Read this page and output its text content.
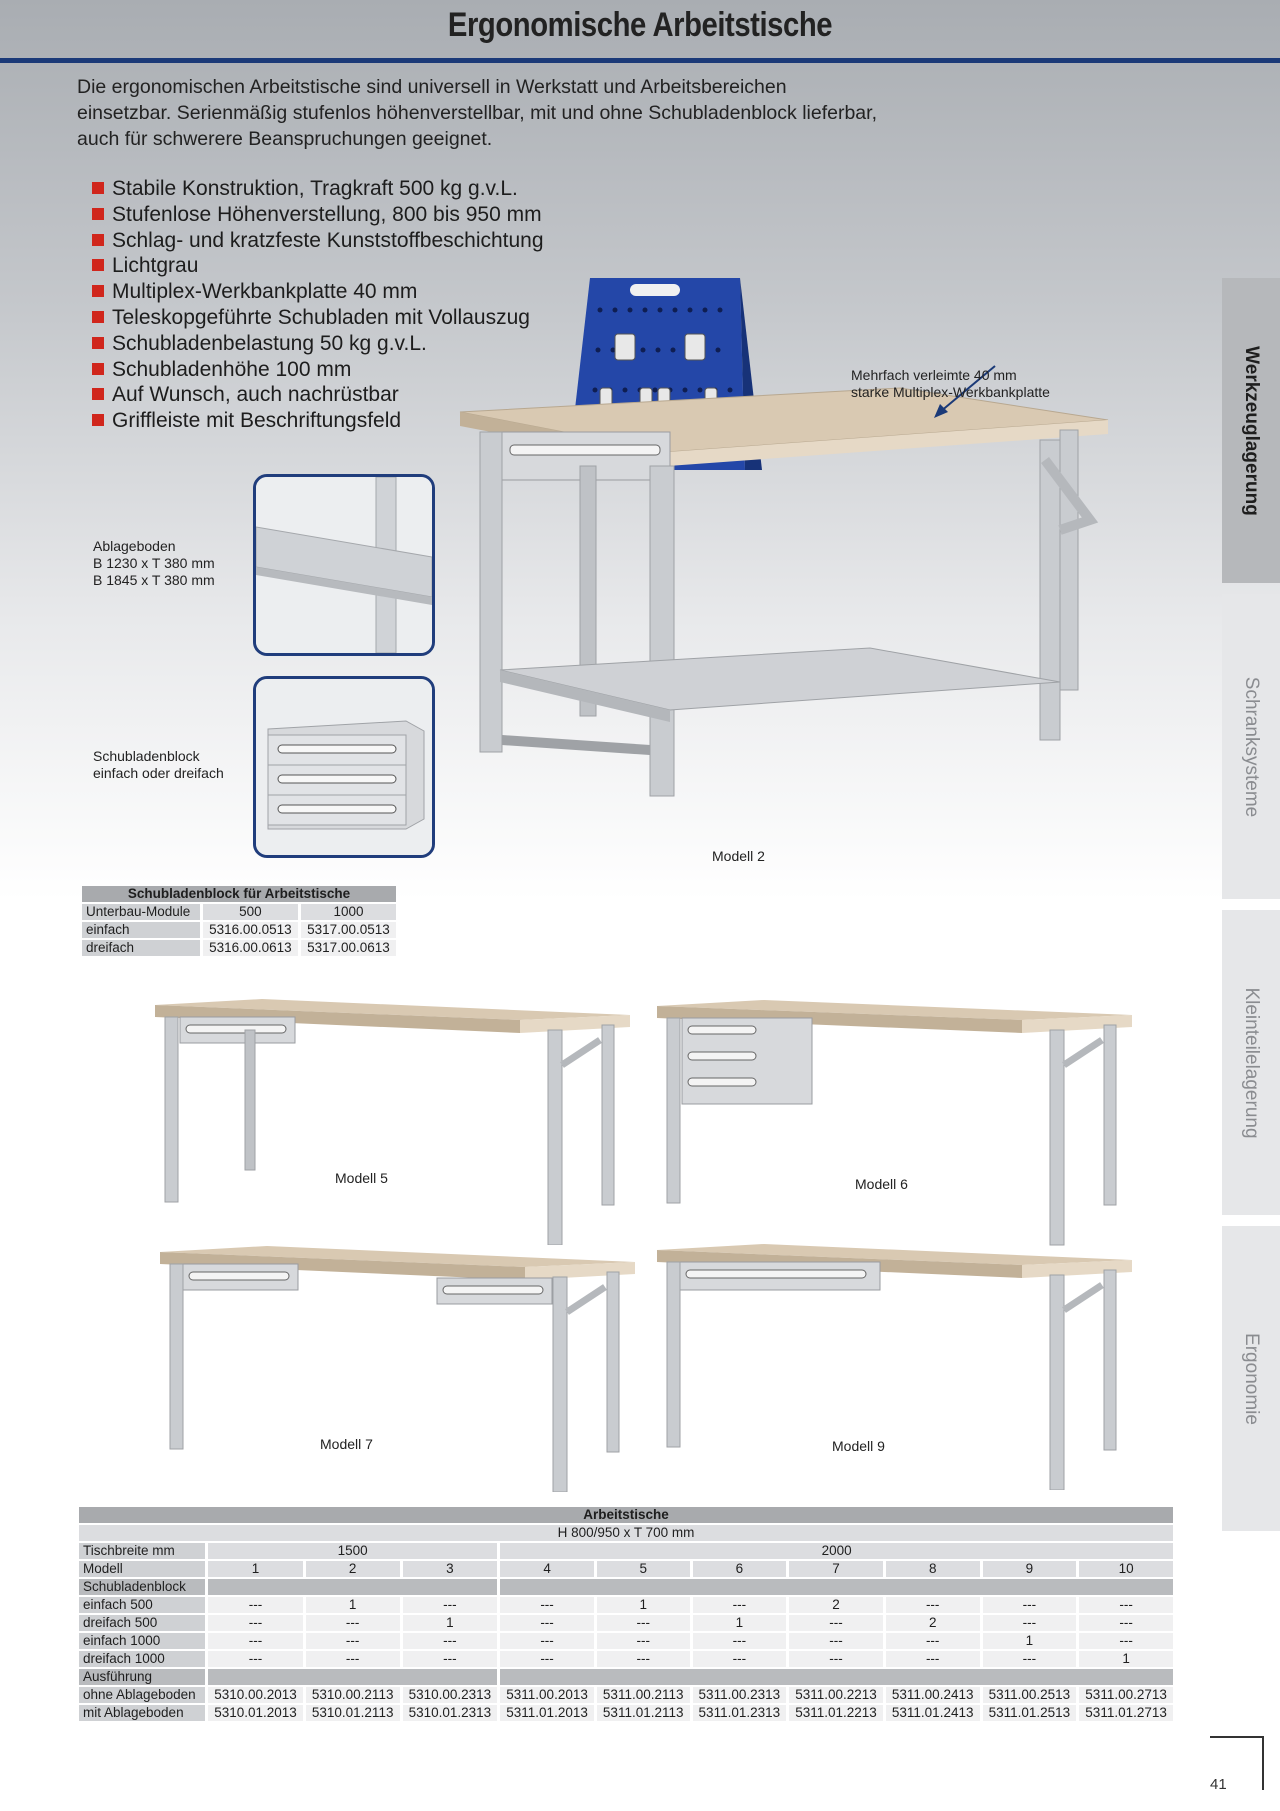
Ergonomische Arbeitstische
Die ergonomischen Arbeitstische sind universell in Werkstatt und Arbeitsbereichen einsetzbar. Serienmäßig stufenlos höhenverstellbar, mit und ohne Schubladenblock lieferbar, auch für schwerere Beanspruchungen geeignet.
Stabile Konstruktion, Tragkraft 500 kg g.v.L.
Stufenlose Höhenverstellung, 800 bis 950 mm
Schlag- und kratzfeste Kunststoffbeschichtung
Lichtgrau
Multiplex-Werkbankplatte 40 mm
Teleskopgeführte Schubladen mit Vollauszug
Schubladenbelastung 50 kg g.v.L.
Schubladenhöhe 100 mm
Auf Wunsch, auch nachrüstbar
Griffleiste mit Beschriftungsfeld	Werkzeuglagerung
Schranksysteme
Kleinteilelagerung
Ergonomie
Mehrfach verleimte 40 mm
starke Multiplex-Werkbankplatte
Ablageboden
B 1230 x T 380 mm
B 1845 x T 380 mm
Schubladenblock
einfach oder dreifach
Modell 2
Schubladenblock für Arbeitstische		
Unterbau-Module	500	1000
einfach	5316.00.0513	5317.00.0513
dreifach	5316.00.0613	5317.00.0613
Modell 5	Modell 6
Modell 7	Modell 9
Arbeitstische										
H 800/950 x T 700 mm										
Tischbreite mm	1500			2000						
Modell	1	2	3	4	5	6	7	8	9	10
Schubladenblock										
einfach 500	---	1	---	---	1	---	2	---	---	---
dreifach 500	---	---	1	---	---	1	---	2	---	---
einfach 1000	---	---	---	---	---	---	---	---	1	---
dreifach 1000	---	---	---	---	---	---	---	---	---	1
Ausführung										
ohne Ablageboden	5310.00.2013	5310.00.2113	5310.00.2313	5311.00.2013	5311.00.2113	5311.00.2313	5311.00.2213	5311.00.2413	5311.00.2513	5311.00.2713
mit Ablageboden	5310.01.2013	5310.01.2113	5310.01.2313	5311.01.2013	5311.01.2113	5311.01.2313	5311.01.2213	5311.01.2413	5311.01.2513	5311.01.2713
41
